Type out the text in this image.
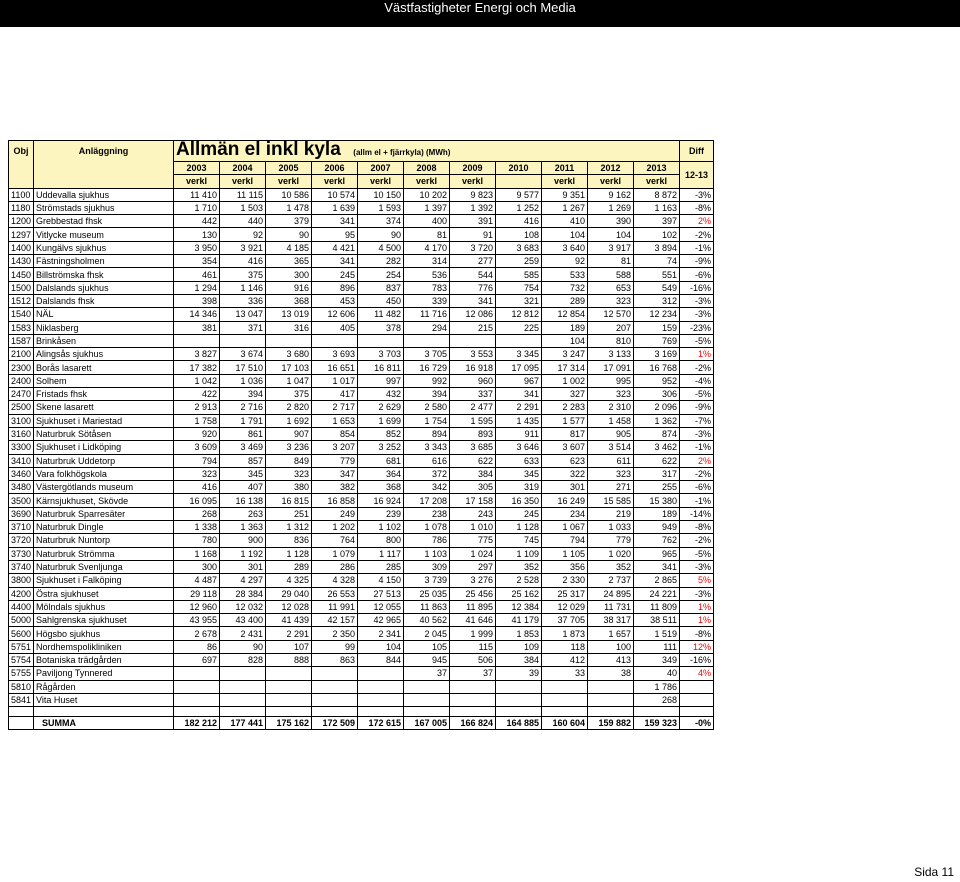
Västfastigheter Energi och Media
Obj	Anläggning	Allmän el inkl kyla (allm el + fjärrkyla) (MWh)											Diff
		2003	2004	2005	2006	2007	2008	2009	2010	2011	2012	2013	12-13
		verkl	verkl	verkl	verkl	verkl	verkl	verkl		verkl	verkl	verkl	
1100	Uddevalla sjukhus	11 410	11 115	10 586	10 574	10 150	10 202	9 823	9 577	9 351	9 162	8 872	-3%
1180	Strömstads sjukhus	1 710	1 503	1 478	1 639	1 593	1 397	1 392	1 252	1 267	1 269	1 163	-8%
1200	Grebbestad fhsk	442	440	379	341	374	400	391	416	410	390	397	2%
1297	Vitlycke museum	130	92	90	95	90	81	91	108	104	104	102	-2%
1400	Kungälvs sjukhus	3 950	3 921	4 185	4 421	4 500	4 170	3 720	3 683	3 640	3 917	3 894	-1%
1430	Fästningsholmen	354	416	365	341	282	314	277	259	92	81	74	-9%
1450	Billströmska fhsk	461	375	300	245	254	536	544	585	533	588	551	-6%
1500	Dalslands sjukhus	1 294	1 146	916	896	837	783	776	754	732	653	549	-16%
1512	Dalslands fhsk	398	336	368	453	450	339	341	321	289	323	312	-3%
1540	NÄL	14 346	13 047	13 019	12 606	11 482	11 716	12 086	12 812	12 854	12 570	12 234	-3%
1583	Niklasberg	381	371	316	405	378	294	215	225	189	207	159	-23%
1587	Brinkåsen									104	810	769	-5%
2100	Alingsås sjukhus	3 827	3 674	3 680	3 693	3 703	3 705	3 553	3 345	3 247	3 133	3 169	1%
2300	Borås lasarett	17 382	17 510	17 103	16 651	16 811	16 729	16 918	17 095	17 314	17 091	16 768	-2%
2400	Solhem	1 042	1 036	1 047	1 017	997	992	960	967	1 002	995	952	-4%
2470	Fristads fhsk	422	394	375	417	432	394	337	341	327	323	306	-5%
2500	Skene lasarett	2 913	2 716	2 820	2 717	2 629	2 580	2 477	2 291	2 283	2 310	2 096	-9%
3100	Sjukhuset i Mariestad	1 758	1 791	1 692	1 653	1 699	1 754	1 595	1 435	1 577	1 458	1 362	-7%
3160	Naturbruk Sötåsen	920	861	907	854	852	894	893	911	817	905	874	-3%
3300	Sjukhuset i Lidköping	3 609	3 469	3 236	3 207	3 252	3 343	3 685	3 646	3 607	3 514	3 462	-1%
3410	Naturbruk Uddetorp	794	857	849	779	681	616	622	633	623	611	622	2%
3460	Vara folkhögskola	323	345	323	347	364	372	384	345	322	323	317	-2%
3480	Västergötlands museum	416	407	380	382	368	342	305	319	301	271	255	-6%
3500	Kärnsjukhuset, Skövde	16 095	16 138	16 815	16 858	16 924	17 208	17 158	16 350	16 249	15 585	15 380	-1%
3690	Naturbruk Sparresäter	268	263	251	249	239	238	243	245	234	219	189	-14%
3710	Naturbruk Dingle	1 338	1 363	1 312	1 202	1 102	1 078	1 010	1 128	1 067	1 033	949	-8%
3720	Naturbruk Nuntorp	780	900	836	764	800	786	775	745	794	779	762	-2%
3730	Naturbruk Strömma	1 168	1 192	1 128	1 079	1 117	1 103	1 024	1 109	1 105	1 020	965	-5%
3740	Naturbruk Svenljunga	300	301	289	286	285	309	297	352	356	352	341	-3%
3800	Sjukhuset i Falköping	4 487	4 297	4 325	4 328	4 150	3 739	3 276	2 528	2 330	2 737	2 865	5%
4200	Östra sjukhuset	29 118	28 384	29 040	26 553	27 513	25 035	25 456	25 162	25 317	24 895	24 221	-3%
4400	Mölndals sjukhus	12 960	12 032	12 028	11 991	12 055	11 863	11 895	12 384	12 029	11 731	11 809	1%
5000	Sahlgrenska sjukhuset	43 955	43 400	41 439	42 157	42 965	40 562	41 646	41 179	37 705	38 317	38 511	1%
5600	Högsbo sjukhus	2 678	2 431	2 291	2 350	2 341	2 045	1 999	1 853	1 873	1 657	1 519	-8%
5751	Nordhemspolikliniken	86	90	107	99	104	105	115	109	118	100	111	12%
5754	Botaniska trädgården	697	828	888	863	844	945	506	384	412	413	349	-16%
5755	Paviljong Tynnered						37	37	39	33	38	40	4%
5810	Rågården											1 786	
5841	Vita Huset											268	

	SUMMA	182 212	177 441	175 162	172 509	172 615	167 005	166 824	164 885	160 604	159 882	159 323	-0%
Sida 11
